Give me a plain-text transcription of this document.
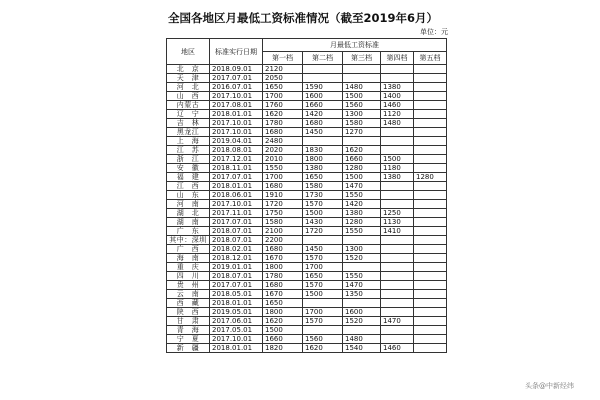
全国各地区月最低工资标准情况（截至2019年6月）
单位：元
地区	标准实行日期	月最低工资标准				
		第一档	第二档	第三档	第四档	第五档
北　京	2018.09.01	2120				
天　津	2017.07.01	2050				
河　北	2016.07.01	1650	1590	1480	1380	
山　西	2017.10.01	1700	1600	1500	1400	
内蒙古	2017.08.01	1760	1660	1560	1460	
辽　宁	2018.01.01	1620	1420	1300	1120	
吉　林	2017.10.01	1780	1680	1580	1480	
黑龙江	2017.10.01	1680	1450	1270		
上　海	2019.04.01	2480				
江　苏	2018.08.01	2020	1830	1620		
浙　江	2017.12.01	2010	1800	1660	1500	
安　徽	2018.11.01	1550	1380	1280	1180	
福　建	2017.07.01	1700	1650	1500	1380	1280
江　西	2018.01.01	1680	1580	1470		
山　东	2018.06.01	1910	1730	1550		
河　南	2017.10.01	1720	1570	1420		
湖　北	2017.11.01	1750	1500	1380	1250	
湖　南	2017.07.01	1580	1430	1280	1130	
广　东	2018.07.01	2100	1720	1550	1410	
其中：深圳	2018.07.01	2200				
广　西	2018.02.01	1680	1450	1300		
海　南	2018.12.01	1670	1570	1520		
重　庆	2019.01.01	1800	1700			
四　川	2018.07.01	1780	1650	1550		
贵　州	2017.07.01	1680	1570	1470		
云　南	2018.05.01	1670	1500	1350		
西　藏	2018.01.01	1650				
陕　西	2019.05.01	1800	1700	1600		
甘　肃	2017.06.01	1620	1570	1520	1470	
青　海	2017.05.01	1500				
宁　夏	2017.10.01	1660	1560	1480		
新　疆	2018.01.01	1820	1620	1540	1460	
头条@中新经纬
